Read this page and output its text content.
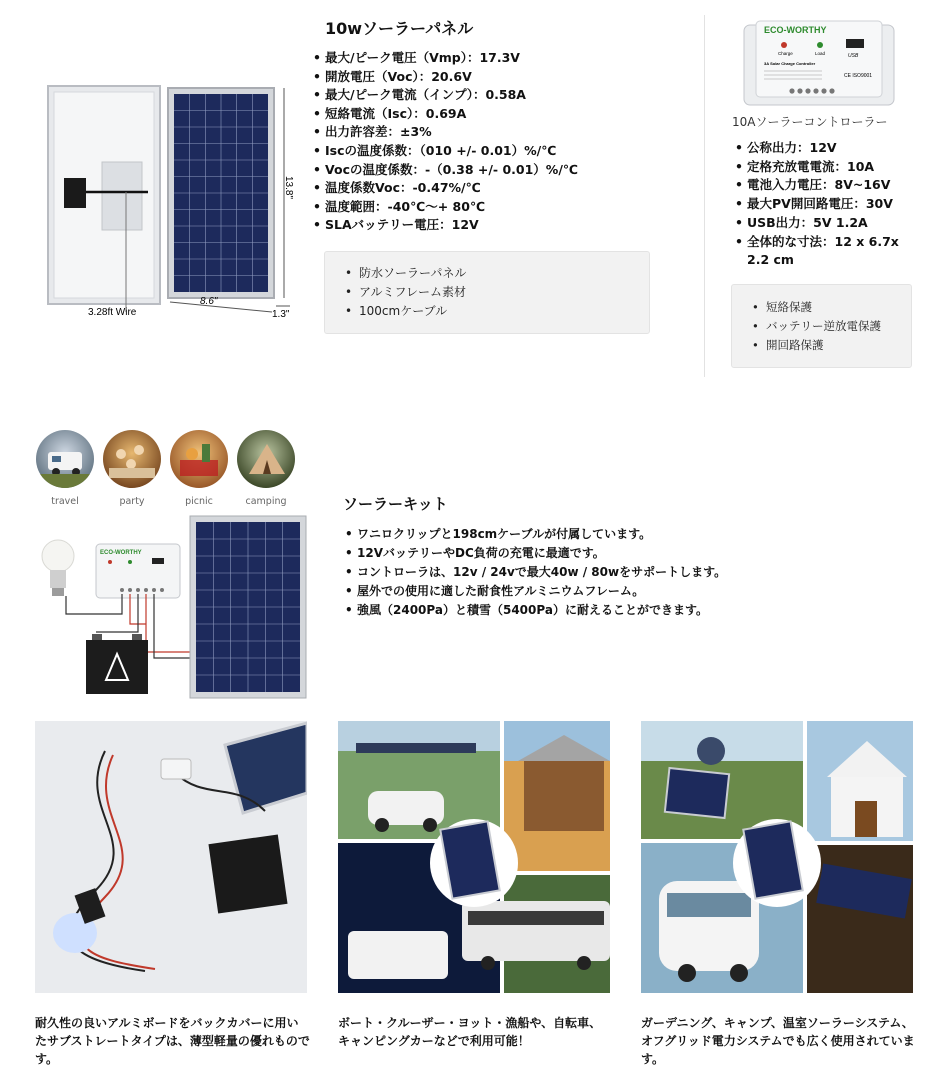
3.28ft Wire
8.6"
13.8"
1.3"
10wソーラーパネル
• 最大/ピーク電圧（Vmp）：17.3V
• 開放電圧（Voc）：20.6V
• 最大/ピーク電流（インプ）：0.58A
• 短絡電流（Isc）：0.69A
• 出力許容差：±3%
• Iscの温度係数：（010 +/- 0.01）%/℃
• Vocの温度係数：-（0.38 +/- 0.01）%/℃
• 温度係数Voc：-0.47%/℃
• 温度範囲：-40℃～+ 80℃
• SLAバッテリー電圧：12V
• 防水ソーラーパネル
• アルミフレーム素材
• 100cmケーブル
ECO-WORTHY
Charge	Load	USB
3A Solar Charge Controller
CE ISO9001
10Aソーラーコントローラー
• 公称出力：12V
• 定格充放電電流：10A
• 電池入力電圧：8V~16V
• 最大PV開回路電圧：30V
• USB出力：5V 1.2A
• 全体的な寸法：12 x 6.7x 2.2 cm
• 短絡保護
• バッテリー逆放電保護
• 開回路保護
travel	party	picnic	camping
ECO-WORTHY
ソーラーキット
• ワニロクリップと198cmケーブルが付属しています。
• 12VバッテリーやDC負荷の充電に最適です。
• コントローラは、12v / 24vで最大40w / 80wをサポートします。
• 屋外での使用に適した耐食性アルミニウムフレーム。
• 強風（2400Pa）と積雪（5400Pa）に耐えることができます。
耐久性の良いアルミボードをバックカバーに用いたサブストレートタイプは、薄型軽量の優れものです。
ボート・クルーザー・ヨット・漁船や、自転車、キャンピングカーなどで利用可能！
ガーデニング、キャンプ、温室ソーラーシステム、オフグリッド電力システムでも広く使用されています。
